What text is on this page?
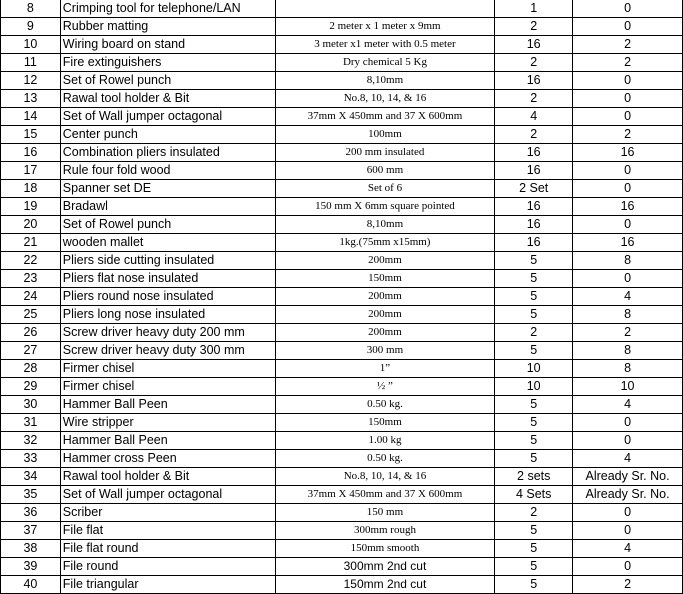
8	Crimping tool for telephone/LAN		1	0
9	Rubber matting	2 meter x 1 meter x 9mm	2	0
10	Wiring board on stand	3 meter x1 meter with 0.5 meter	16	2
11	Fire extinguishers	Dry chemical 5 Kg	2	2
12	Set of Rowel punch	8,10mm	16	0
13	Rawal tool holder & Bit	No.8, 10, 14, & 16	2	0
14	Set of Wall jumper octagonal	37mm X 450mm and 37 X 600mm	4	0
15	Center punch	100mm	2	2
16	Combination pliers insulated	200 mm insulated	16	16
17	Rule four fold wood	600 mm	16	0
18	Spanner set DE	Set of 6	2 Set	0
19	Bradawl	150 mm X 6mm square pointed	16	16
20	Set of Rowel punch	8,10mm	16	0
21	wooden mallet	1kg.(75mm x15mm)	16	16
22	Pliers side cutting insulated	200mm	5	8
23	Pliers flat nose insulated	150mm	5	0
24	Pliers round nose insulated	200mm	5	4
25	Pliers long nose insulated	200mm	5	8
26	Screw driver heavy duty 200 mm	200mm	2	2
27	Screw driver heavy duty 300 mm	300 mm	5	8
28	Firmer chisel	1”	10	8
29	Firmer chisel	½ ”	10	10
30	Hammer Ball Peen	0.50 kg.	5	4
31	Wire stripper	150mm	5	0
32	Hammer Ball Peen	1.00 kg	5	0
33	Hammer cross Peen	0.50 kg.	5	4
34	Rawal tool holder & Bit	No.8, 10, 14, & 16	2 sets	Already Sr. No.
35	Set of Wall jumper octagonal	37mm X 450mm and 37 X 600mm	4 Sets	Already Sr. No.
36	Scriber	150 mm	2	0
37	File flat	300mm rough	5	0
38	File flat round	150mm smooth	5	4
39	File round	300mm 2nd cut	5	0
40	File triangular	150mm 2nd cut	5	2
